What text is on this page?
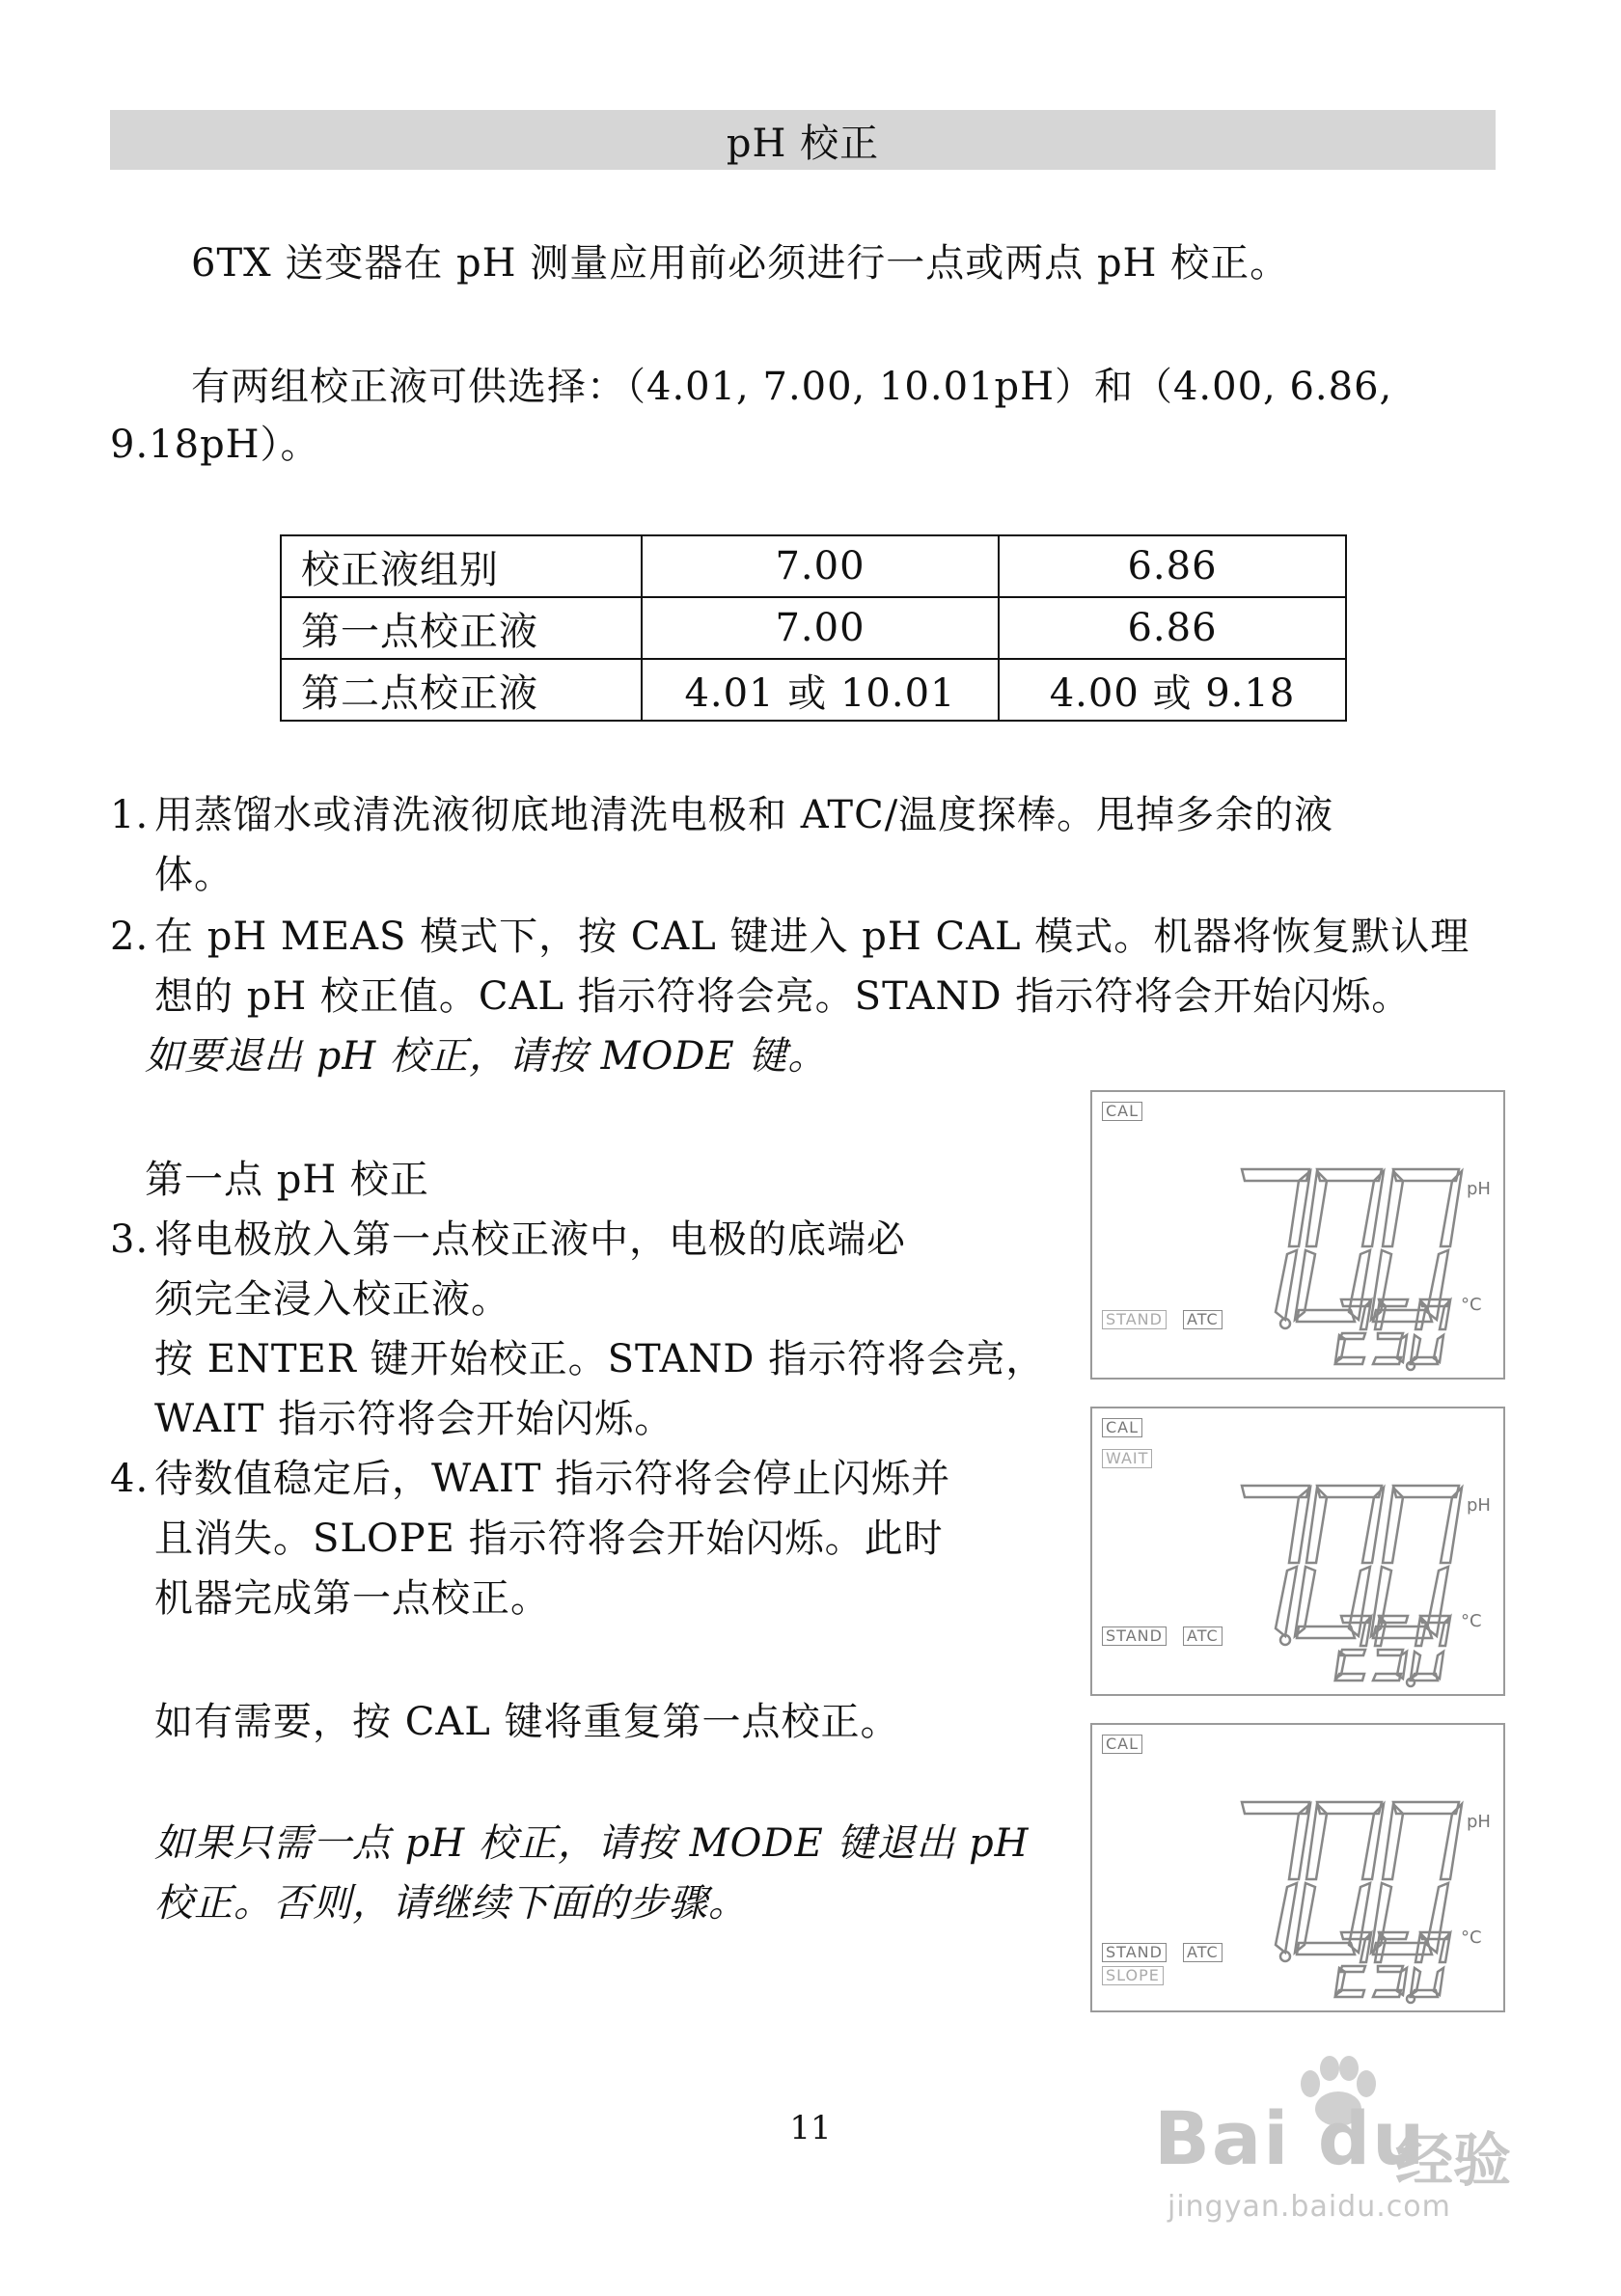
pH 校正
6TX 送变器在 pH 测量应用前必须进行一点或两点 pH 校正。
有两组校正液可供选择：（4.01, 7.00, 10.01pH）和（4.00, 6.86,
9.18pH）。
校正液组别	7.00	6.86
第一点校正液	7.00	6.86
第二点校正液	4.01 或 10.01	4.00 或 9.18
1. 用蒸馏水或清洗液彻底地清洗电极和 ATC/温度探棒。甩掉多余的液
体。
2. 在 pH MEAS 模式下，按 CAL 键进入 pH CAL 模式。机器将恢复默认理
想的 pH 校正值。CAL 指示符将会亮。STAND 指示符将会开始闪烁。
如要退出 pH 校正，请按 MODE 键。
第一点 pH 校正
3. 将电极放入第一点校正液中，电极的底端必
须完全浸入校正液。
按 ENTER 键开始校正。STAND 指示符将会亮，
WAIT 指示符将会开始闪烁。
4. 待数值稳定后，WAIT 指示符将会停止闪烁并
且消失。SLOPE 指示符将会开始闪烁。此时
机器完成第一点校正。
如有需要，按 CAL 键将重复第一点校正。
如果只需一点 pH 校正，请按 MODE 键退出 pH
校正。否则，请继续下面的步骤。
CAL
pH
STAND ATC
°C
CAL
WAIT
pH
STAND ATC
°C
CAL
pH
STAND ATC
SLOPE
°C
11	Bai du
经验
jingyan.baidu.com
